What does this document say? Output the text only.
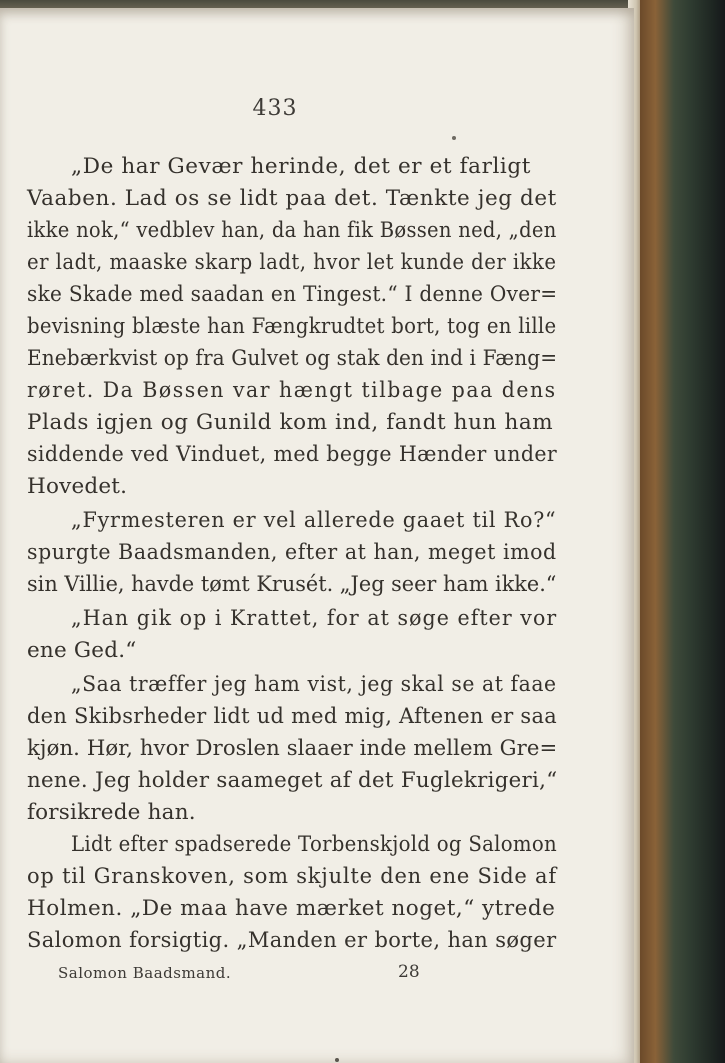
433
„De har Gevær herinde, det er et farligt
Vaaben. Lad os se lidt paa det. Tænkte jeg det
ikke nok,“ vedblev han, da han fik Bøssen ned, „den
er ladt, maaske skarp ladt, hvor let kunde der ikke
ske Skade med saadan en Tingest.“ I denne Over=
bevisning blæste han Fængkrudtet bort, tog en lille
Enebærkvist op fra Gulvet og stak den ind i Fæng=
røret. Da Bøssen var hængt tilbage paa dens
Plads igjen og Gunild kom ind, fandt hun ham
siddende ved Vinduet, med begge Hænder under
Hovedet.
„Fyrmesteren er vel allerede gaaet til Ro?“
spurgte Baadsmanden, efter at han, meget imod
sin Villie, havde tømt Krusét. „Jeg seer ham ikke.“
„Han gik op i Krattet, for at søge efter vor
ene Ged.“
„Saa træffer jeg ham vist, jeg skal se at faae
den Skibsrheder lidt ud med mig, Aftenen er saa
kjøn. Hør, hvor Droslen slaaer inde mellem Gre=
nene. Jeg holder saameget af det Fuglekrigeri,“
forsikrede han.
Lidt efter spadserede Torbenskjold og Salomon
op til Granskoven, som skjulte den ene Side af
Holmen. „De maa have mærket noget,“ ytrede
Salomon forsigtig. „Manden er borte, han søger
Salomon Baadsmand.	28
